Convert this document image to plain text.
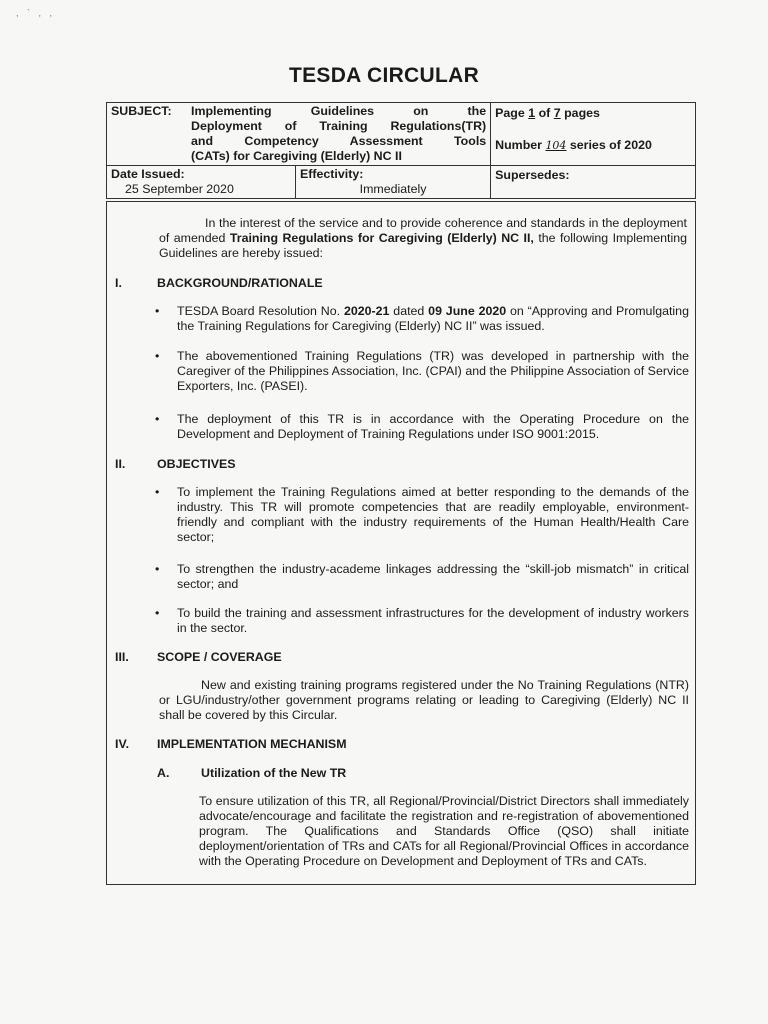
, ` , ,
TESDA CIRCULAR
SUBJECT:	Implementing Guidelines on the
Deployment of Training Regulations(TR)
and Competency Assessment Tools
(CATs) for Caregiving (Elderly) NC II

Page 1 of 7 pages
Number 104 series of 2020

Date Issued:
25 September 2020

Effectivity:
Immediately

Supersedes:
In the interest of the service and to provide coherence and standards in the deployment of amended Training Regulations for Caregiving (Elderly) NC II, the following Implementing Guidelines are hereby issued:
I.	BACKGROUND/RATIONALE
• TESDA Board Resolution No. 2020-21 dated 09 June 2020 on “Approving and Promulgating the Training Regulations for Caregiving (Elderly) NC II” was issued.
• The abovementioned Training Regulations (TR) was developed in partnership with the Caregiver of the Philippines Association, Inc. (CPAI) and the Philippine Association of Service Exporters, Inc. (PASEI).
• The deployment of this TR is in accordance with the Operating Procedure on the Development and Deployment of Training Regulations under ISO 9001:2015.
II.	OBJECTIVES
• To implement the Training Regulations aimed at better responding to the demands of the industry. This TR will promote competencies that are readily employable, environment-friendly and compliant with the industry requirements of the Human Health/Health Care sector;
• To strengthen the industry-academe linkages addressing the “skill-job mismatch” in critical sector; and
• To build the training and assessment infrastructures for the development of industry workers in the sector.
III. SCOPE / COVERAGE
New and existing training programs registered under the No Training Regulations (NTR) or LGU/industry/other government programs relating or leading to Caregiving (Elderly) NC II shall be covered by this Circular.
IV. IMPLEMENTATION MECHANISM
A.	Utilization of the New TR
To ensure utilization of this TR, all Regional/Provincial/District Directors shall immediately advocate/encourage and facilitate the registration and re-registration of abovementioned program. The Qualifications and Standards Office (QSO) shall initiate deployment/orientation of TRs and CATs for all Regional/Provincial Offices in accordance with the Operating Procedure on Development and Deployment of TRs and CATs.
